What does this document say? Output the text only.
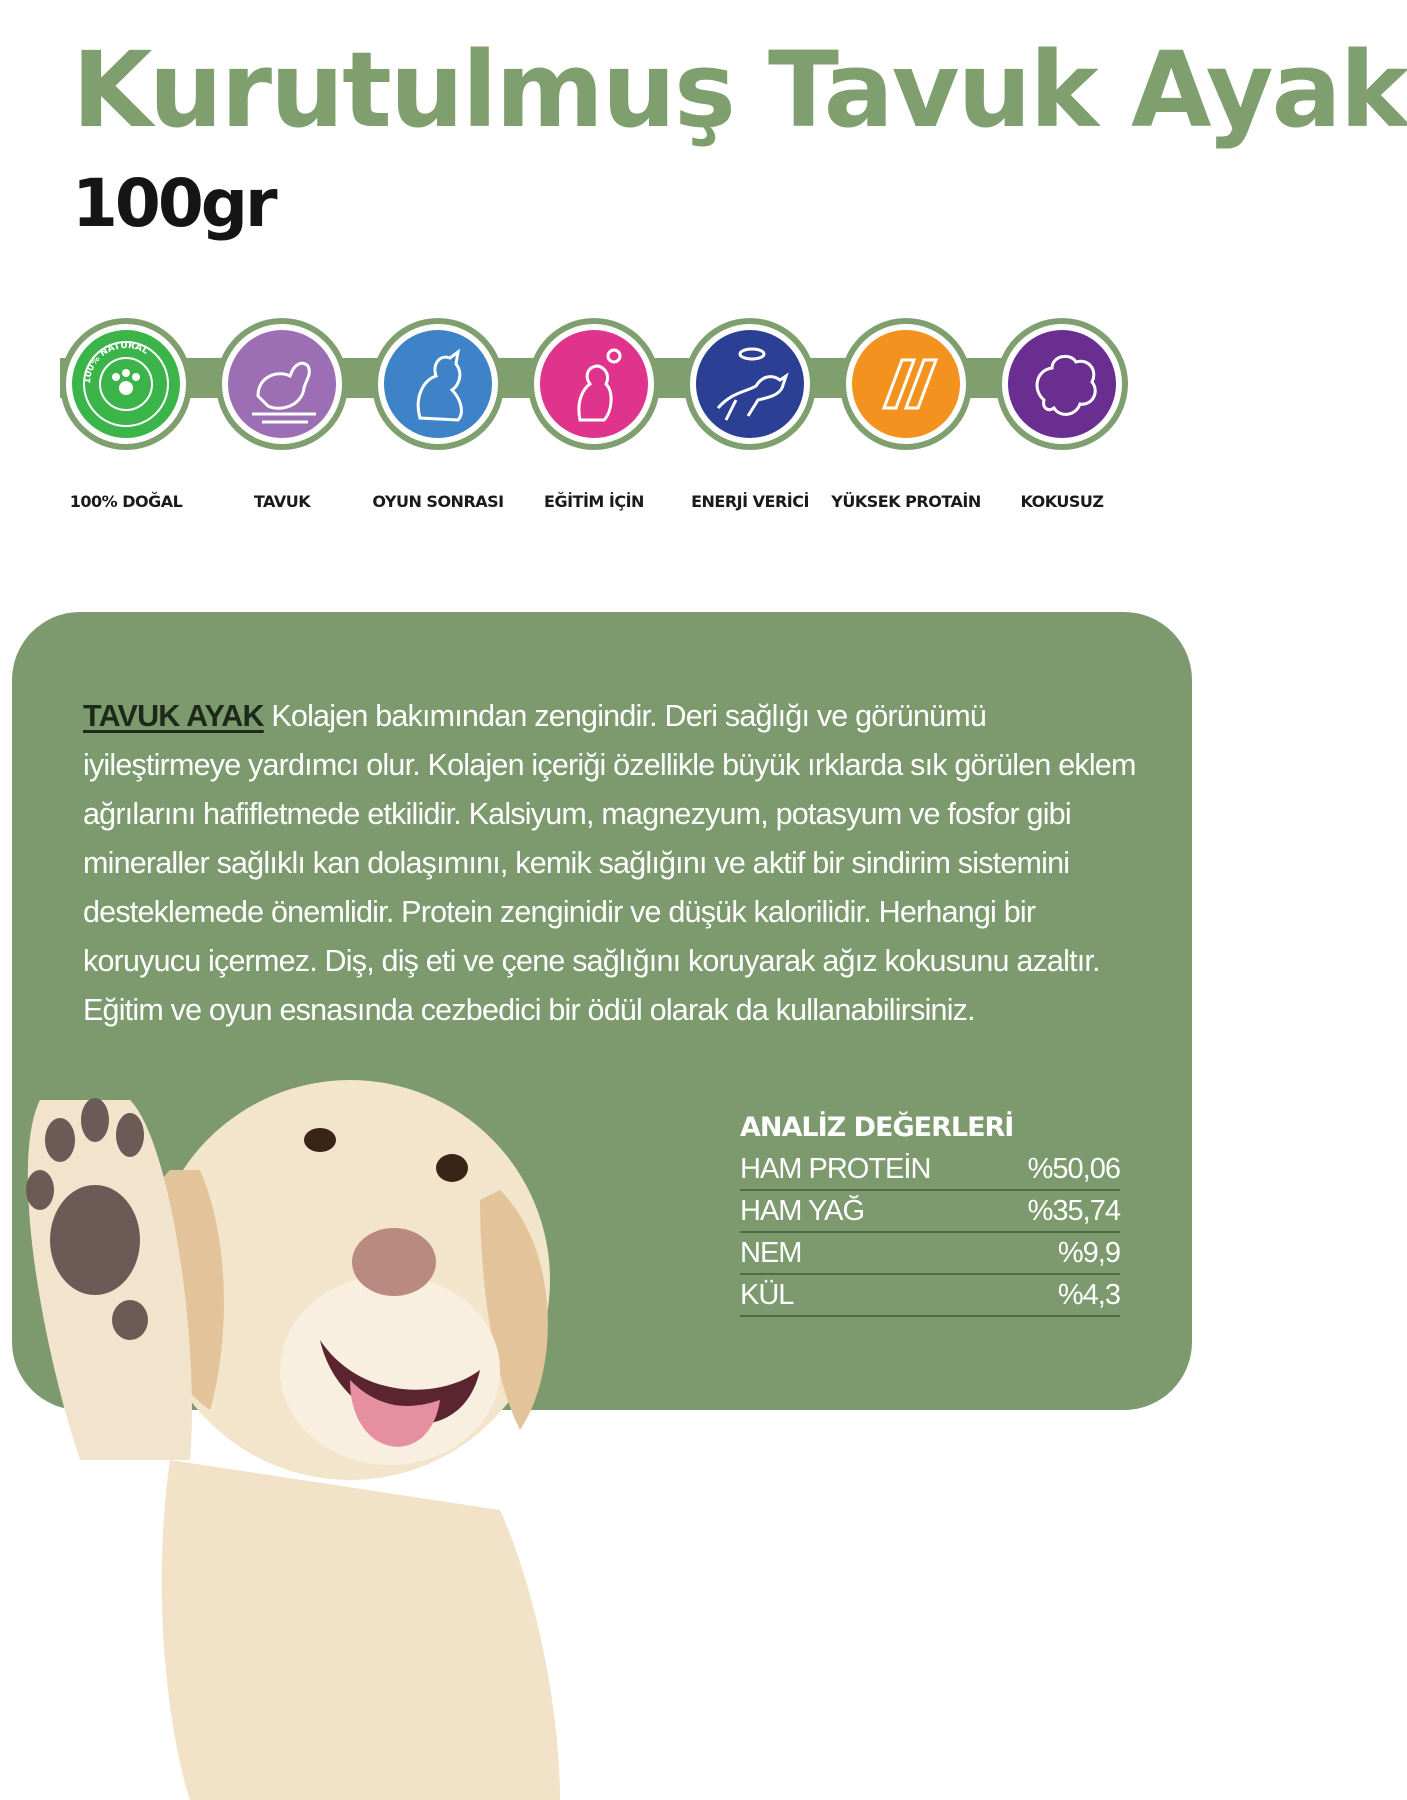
Kurutulmuş Tavuk Ayak
100gr
100% NATURAL
100% DOĞAL	TAVUK	OYUN SONRASI	EĞİTİM İÇİN	ENERJİ VERİCİ	YÜKSEK PROTAİN	KOKUSUZ
TAVUK AYAK Kolajen bakımından zengindir. Deri sağlığı ve görünümü iyileştirmeye yardımcı olur. Kolajen içeriği özellikle büyük ırklarda sık görülen eklem ağrılarını hafifletmede etkilidir. Kalsiyum, magnezyum, potasyum ve fosfor gibi mineraller sağlıklı kan dolaşımını, kemik sağlığını ve aktif bir sindirim sistemini desteklemede önemlidir. Protein zenginidir ve düşük kalorilidir. Herhangi bir koruyucu içermez. Diş, diş eti ve çene sağlığını koruyarak ağız kokusunu azaltır. Eğitim ve oyun esnasında cezbedici bir ödül olarak da kullanabilirsiniz.
ANALİZ DEĞERLERİ
HAM PROTEİN	%50,06
HAM YAĞ	%35,74
NEM	%9,9
KÜL	%4,3
